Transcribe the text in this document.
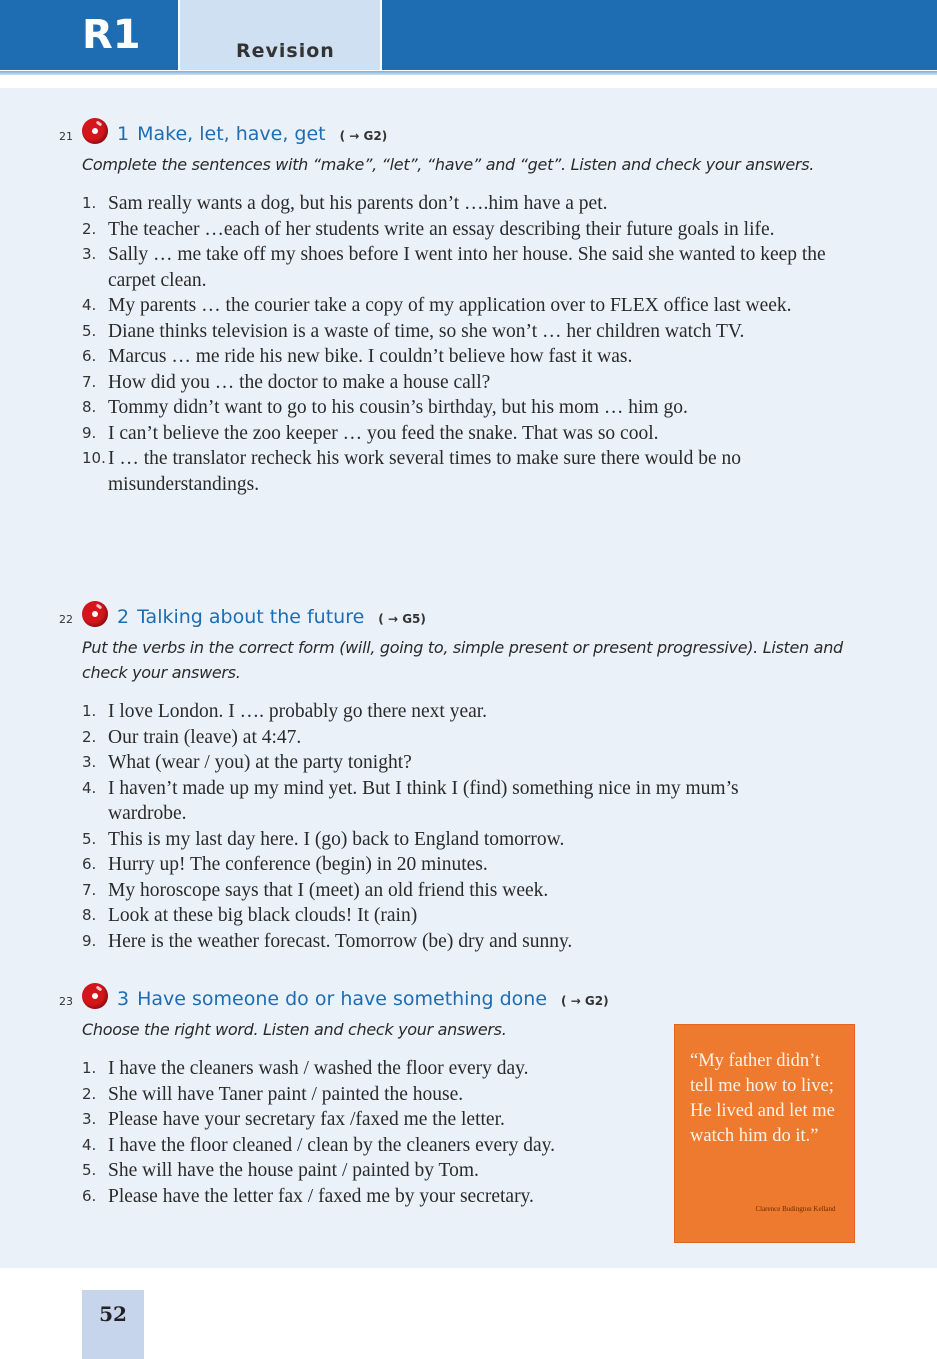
R1	Revision
21 1 Make, let, have, get ( → G2)

Complete the sentences with “make”, “let”, “have” and “get”. Listen and check your answers.

1. Sam really wants a dog, but his parents don’t ….him have a pet.
2. The teacher …each of her students write an essay describing their future goals in life.
3. Sally … me take off my shoes before I went into her house. She said she wanted to keep the carpet clean.
4. My parents … the courier take a copy of my application over to FLEX office last week.
5. Diane thinks television is a waste of time, so she won’t … her children watch TV.
6. Marcus … me ride his new bike. I couldn’t believe how fast it was.
7. How did you … the doctor to make a house call?
8. Tommy didn’t want to go to his cousin’s birthday, but his mom … him go.
9. I can’t believe the zoo keeper … you feed the snake. That was so cool.
10. I … the translator recheck his work several times to make sure there would be no misunderstandings.
22 2 Talking about the future ( → G5)

Put the verbs in the correct form (will, going to, simple present or present progressive). Listen and check your answers.

1. I love London. I …. probably go there next year.
2. Our train (leave) at 4:47.
3. What (wear / you) at the party tonight?
4. I haven’t made up my mind yet. But I think I (find) something nice in my mum’s wardrobe.
5. This is my last day here. I (go) back to England tomorrow.
6. Hurry up! The conference (begin) in 20 minutes.
7. My horoscope says that I (meet) an old friend this week.
8. Look at these big black clouds! It (rain)
9. Here is the weather forecast. Tomorrow (be) dry and sunny.
23 3 Have someone do or have something done ( → G2)

Choose the right word. Listen and check your answers.

1. I have the cleaners wash / washed the floor every day.
2. She will have Taner paint / painted the house.
3. Please have your secretary fax /faxed me the letter.
4. I have the floor cleaned / clean by the cleaners every day.
5. She will have the house paint / painted by Tom.
6. Please have the letter fax / faxed me by your secretary.
“My father didn’t tell me how to live; He lived and let me watch him do it.”
Clarence Budington Kelland
52
